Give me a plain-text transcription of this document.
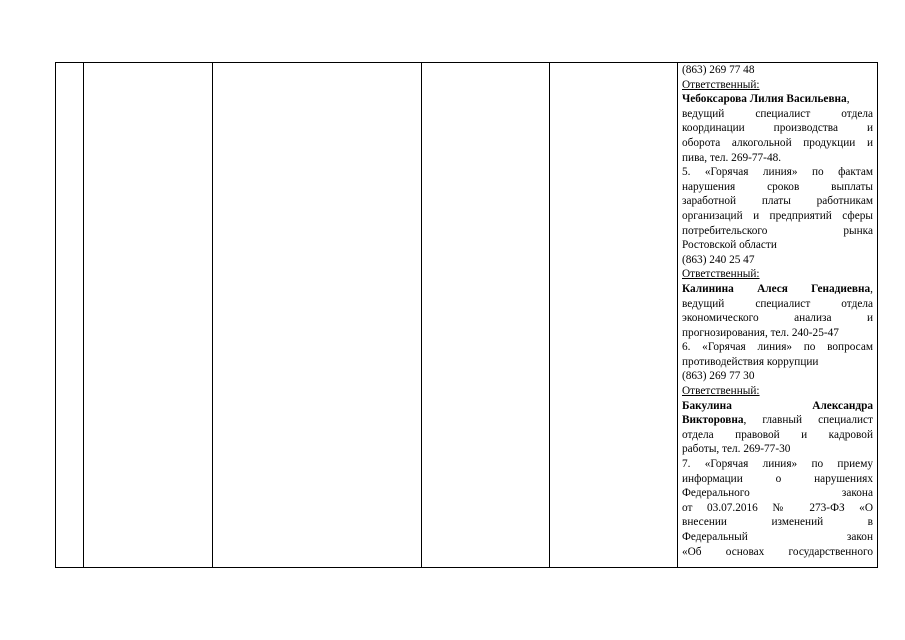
(863) 269 77 48
Ответственный:
Чебоксарова Лилия Васильевна,
ведущий специалист отдела
координации производства и
оборота алкогольной продукции и
пива, тел. 269-77-48.
5. «Горячая линия» по фактам
нарушения сроков выплаты
заработной платы работникам
организаций и предприятий сферы
потребительского рынка
Ростовской области
(863) 240 25 47
Ответственный:
Калинина Алеся Генадиевна,
ведущий специалист отдела
экономического анализа и
прогнозирования, тел. 240-25-47
6. «Горячая линия» по вопросам
противодействия коррупции
(863) 269 77 30
Ответственный:
Бакулина Александра
Викторовна, главный специалист
отдела правовой и кадровой
работы, тел. 269-77-30
7. «Горячая линия» по приему
информации о нарушениях
Федерального закона
от 03.07.2016 № 273-ФЗ «О
внесении изменений в
Федеральный закон
«Об основах государственного
